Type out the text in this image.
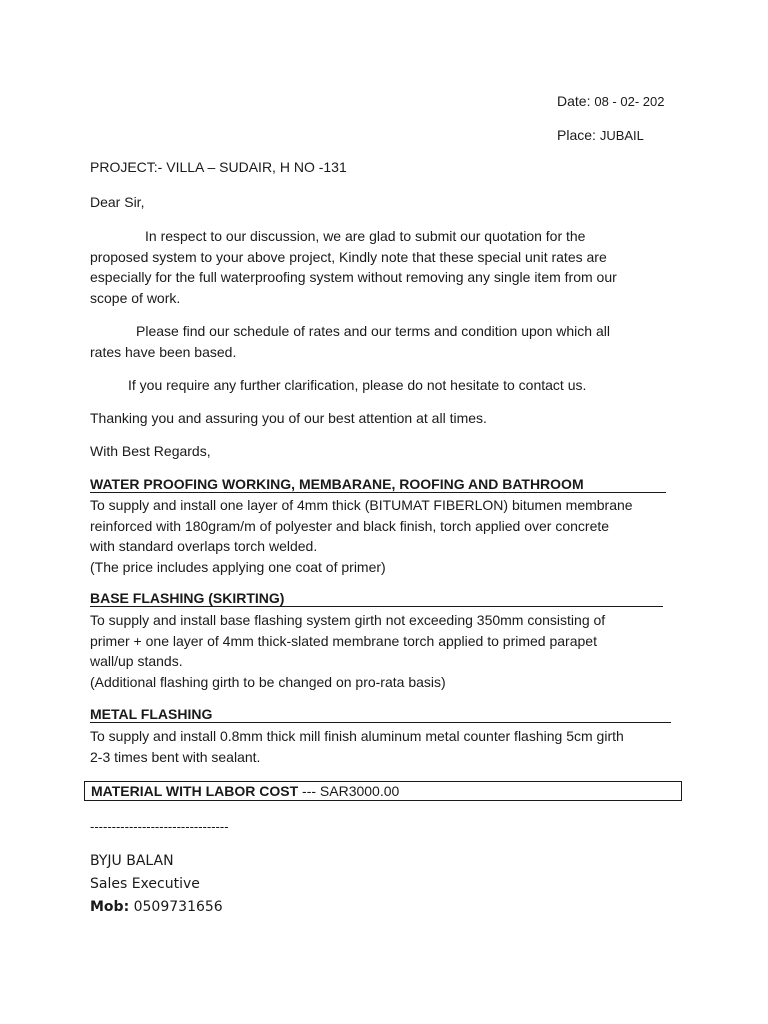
Date: 08 - 02- 202
Place: JUBAIL

PROJECT:- VILLA – SUDAIR, H NO -131

Dear Sir,

In respect to our discussion, we are glad to submit our quotation for the
proposed system to your above project, Kindly note that these special unit rates are
especially for the full waterproofing system without removing any single item from our
scope of work.
Please find our schedule of rates and our terms and condition upon which all
rates have been based.
If you require any further clarification, please do not hesitate to contact us.
Thanking you and assuring you of our best attention at all times.
With Best Regards,
WATER PROOFING WORKING, MEMBARANE, ROOFING AND BATHROOM
To supply and install one layer of 4mm thick (BITUMAT FIBERLON) bitumen membrane
reinforced with 180gram/m of polyester and black finish, torch applied over concrete
with standard overlaps torch welded.
(The price includes applying one coat of primer)
BASE FLASHING (SKIRTING)
To supply and install base flashing system girth not exceeding 350mm consisting of
primer + one layer of 4mm thick-slated membrane torch applied to primed parapet
wall/up stands.
(Additional flashing girth to be changed on pro-rata basis)
METAL FLASHING
To supply and install 0.8mm thick mill finish aluminum metal counter flashing 5cm girth
2-3 times bent with sealant.
MATERIAL WITH LABOR COST --- SAR3000.00
--------------------------------
BYJU BALAN
Sales Executive
Mob: 0509731656
